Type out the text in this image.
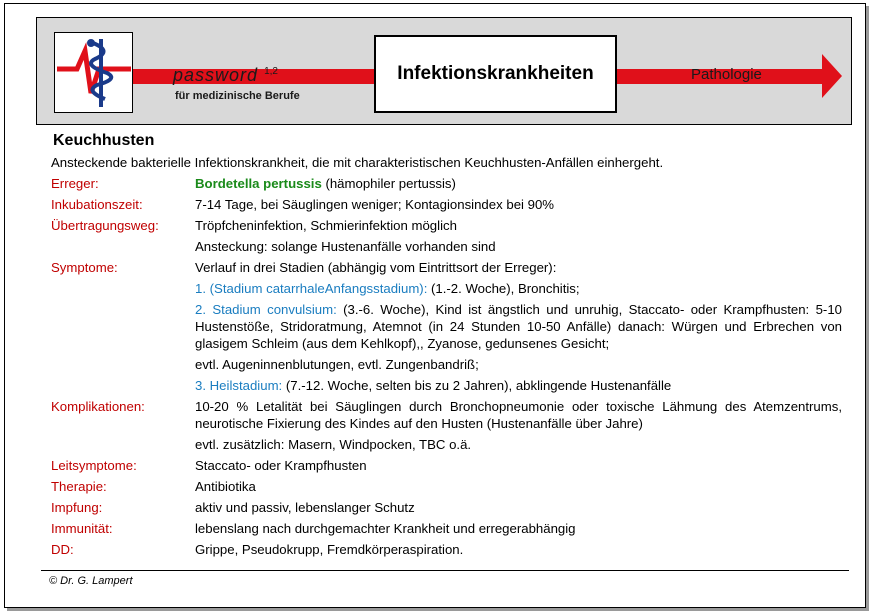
password $^{1,2}$
für medizinische Berufe
Infektionskrankheiten	Pathologie
Keuchhusten
Ansteckende bakterielle Infektionskrankheit, die mit charakteristischen Keuchhusten-Anfällen einhergeht.
Erreger:	Bordetella pertussis (hämophiler pertussis)
Inkubationszeit:	7-14 Tage, bei Säuglingen weniger; Kontagionsindex bei 90%
Übertragungsweg:	Tröpfcheninfektion, Schmierinfektion möglich

Ansteckung: solange Hustenanfälle vorhanden sind

Symptome:	Verlauf in drei Stadien (abhängig vom Eintrittsort der Erreger):

1. (Stadium catarrhaleAnfangsstadium): (1.-2. Woche), Bronchitis;

2. Stadium convulsium: (3.-6. Woche), Kind ist ängstlich und unruhig, Staccato- oder Krampfhusten: 5-10 Hustenstöße, Stridoratmung, Atemnot (in 24 Stunden 10-50 Anfälle) danach: Würgen und Erbrechen von glasigem Schleim (aus dem Kehlkopf),, Zyanose, gedunsenes Gesicht;

evtl. Augeninnenblutungen, evtl. Zungenbandriß;

3. Heilstadium: (7.-12. Woche, selten bis zu 2 Jahren), abklingende Hustenanfälle

Komplikationen:	10-20 % Letalität bei Säuglingen durch Bronchopneumonie oder toxische Lähmung des Atemzentrums, neurotische Fixierung des Kindes auf den Husten (Hustenanfälle über Jahre)

evtl. zusätzlich: Masern, Windpocken, TBC o.ä.

Leitsymptome:	Staccato- oder Krampfhusten
Therapie:	Antibiotika
Impfung:	aktiv und passiv, lebenslanger Schutz
Immunität:	lebenslang nach durchgemachter Krankheit und erregerabhängig
DD:	Grippe, Pseudokrupp, Fremdkörperaspiration.
© Dr. G. Lampert
